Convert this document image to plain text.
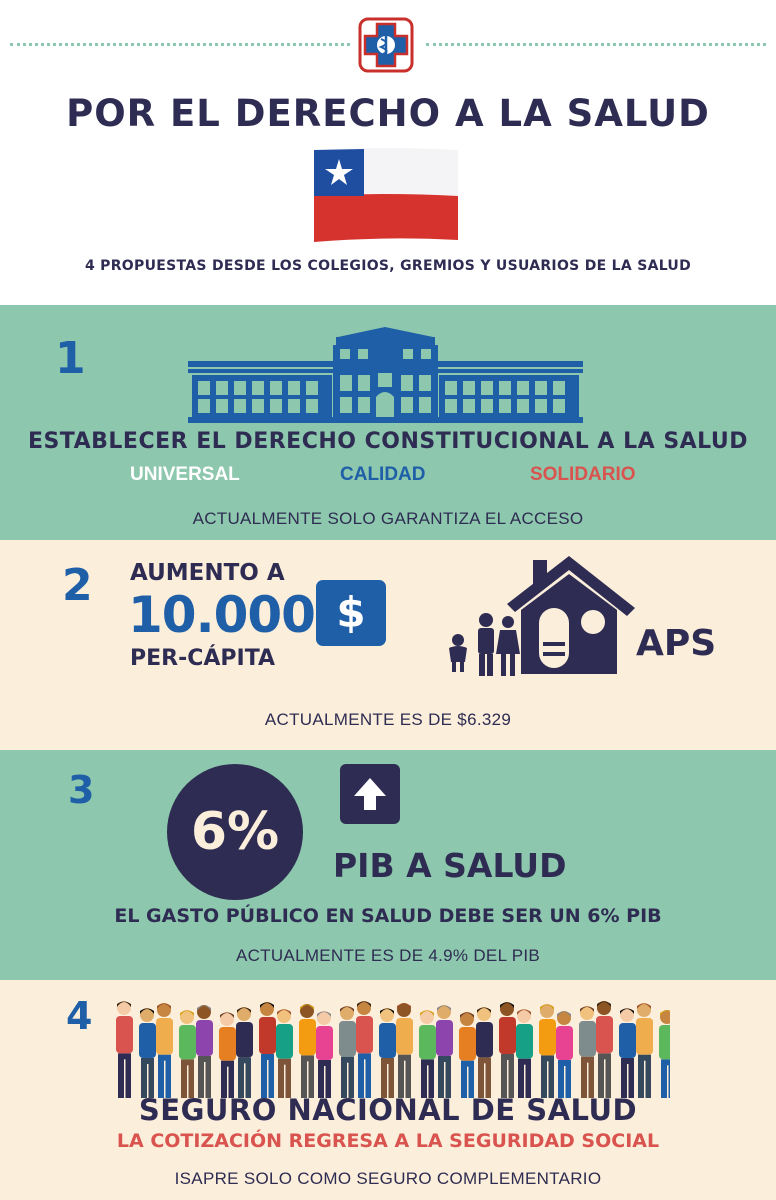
POR EL DERECHO A LA SALUD
4 PROPUESTAS DESDE LOS COLEGIOS, GREMIOS Y USUARIOS DE LA SALUD
1
ESTABLECER EL DERECHO CONSTITUCIONAL A LA SALUD
UNIVERSAL	CALIDAD	SOLIDARIO
ACTUALMENTE SOLO GARANTIZA EL ACCESO
2 AUMENTO A
10.000
PER-CÁPITA
$
APS
ACTUALMENTE ES DE $6.329
3
6%
PIB A SALUD
EL GASTO PÚBLICO EN SALUD DEBE SER UN 6% PIB
ACTUALMENTE ES DE 4.9% DEL PIB
4
SEGURO NACIONAL DE SALUD
LA COTIZACIÓN REGRESA A LA SEGURIDAD SOCIAL
ISAPRE SOLO COMO SEGURO COMPLEMENTARIO
